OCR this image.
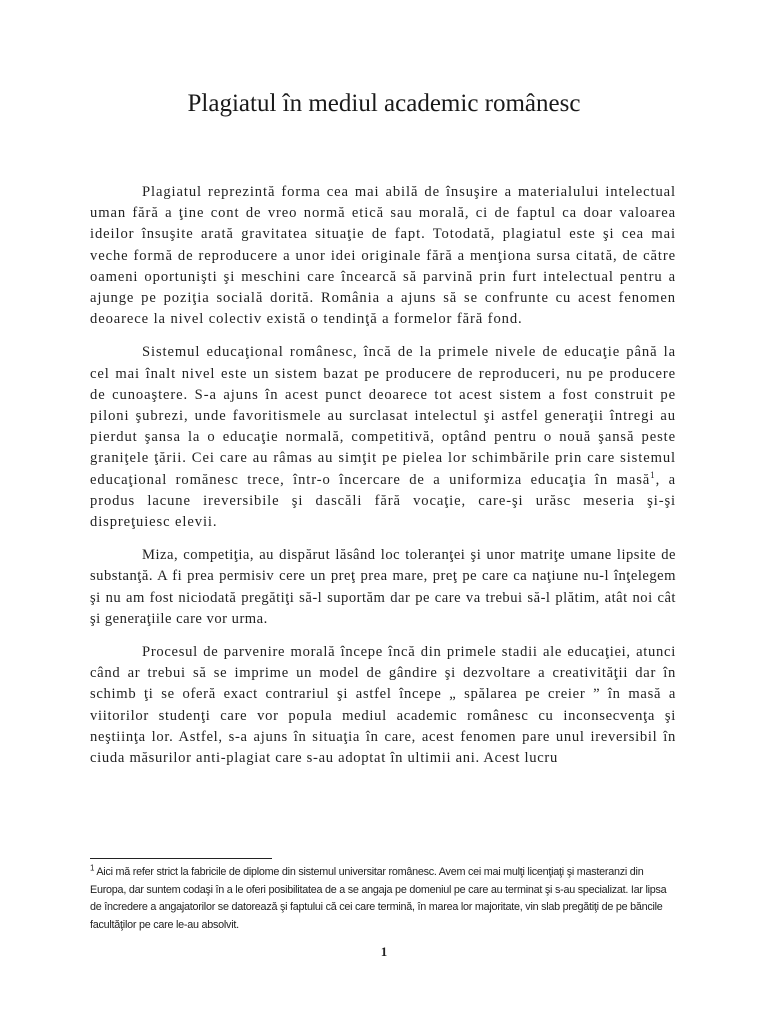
Plagiatul în mediul academic românesc

Plagiatul reprezintă forma cea mai abilă de însuşire a materialului intelectual uman fără a ţine cont de vreo normă etică sau morală, ci de faptul ca doar valoarea ideilor însuşite arată gravitatea situaţie de fapt. Totodată, plagiatul este şi cea mai veche formă de reproducere a unor idei originale fără a menţiona sursa citată, de către oameni oportunişti şi meschini care încearcă să parvină prin furt intelectual pentru a ajunge pe poziţia socială dorită. România a ajuns să se confrunte cu acest fenomen deoarece la nivel colectiv există o tendinţă a formelor fără fond.

Sistemul educaţional românesc, încă de la primele nivele de educaţie până la cel mai înalt nivel este un sistem bazat pe producere de reproduceri, nu pe producere de cunoaştere. S-a ajuns în acest punct deoarece tot acest sistem a fost construit pe piloni şubrezi, unde favoritismele au surclasat intelectul şi astfel generaţii întregi au pierdut şansa la o educaţie normală, competitivă, optând pentru o nouă şansă peste graniţele ţării. Cei care au râmas au simţit pe pielea lor schimbările prin care sistemul educaţional romănesc trece, într-o încercare de a uniformiza educaţia în masă$^1$, a produs lacune ireversibile şi dascăli fără vocaţie, care-şi urăsc meseria şi-şi dispreţuiesc elevii.

Miza, competiţia, au dispărut lăsând loc toleranţei şi unor matriţe umane lipsite de substanţă. A fi prea permisiv cere un preţ prea mare, preţ pe care ca naţiune nu-l înţelegem şi nu am fost niciodată pregătiţi să-l suportăm dar pe care va trebui să-l plătim, atât noi cât şi generaţiile care vor urma.

Procesul de parvenire morală începe încă din primele stadii ale educaţiei, atunci când ar trebui să se imprime un model de gândire şi dezvoltare a creativităţii dar în schimb ţi se oferă exact contrariul şi astfel începe „ spălarea pe creier ” în masă a viitorilor studenţi care vor popula mediul academic românesc cu inconsecvenţa şi neştiinţa lor. Astfel, s-a ajuns în situaţia în care, acest fenomen pare unul ireversibil în ciuda măsurilor anti-plagiat care s-au adoptat în ultimii ani. Acest lucru

$^1$ Aici mă refer strict la fabricile de diplome din sistemul universitar românesc. Avem cei mai mulţi licenţiaţi şi masteranzi din Europa, dar suntem codaşi în a le oferi posibilitatea de a se angaja pe domeniul pe care au terminat şi s-au specializat. Iar lipsa de încredere a angajatorilor se datorează şi faptului că cei care termină, în marea lor majoritate, vin slab pregătiţi de pe băncile facultăţilor pe care le-au absolvit.
1
